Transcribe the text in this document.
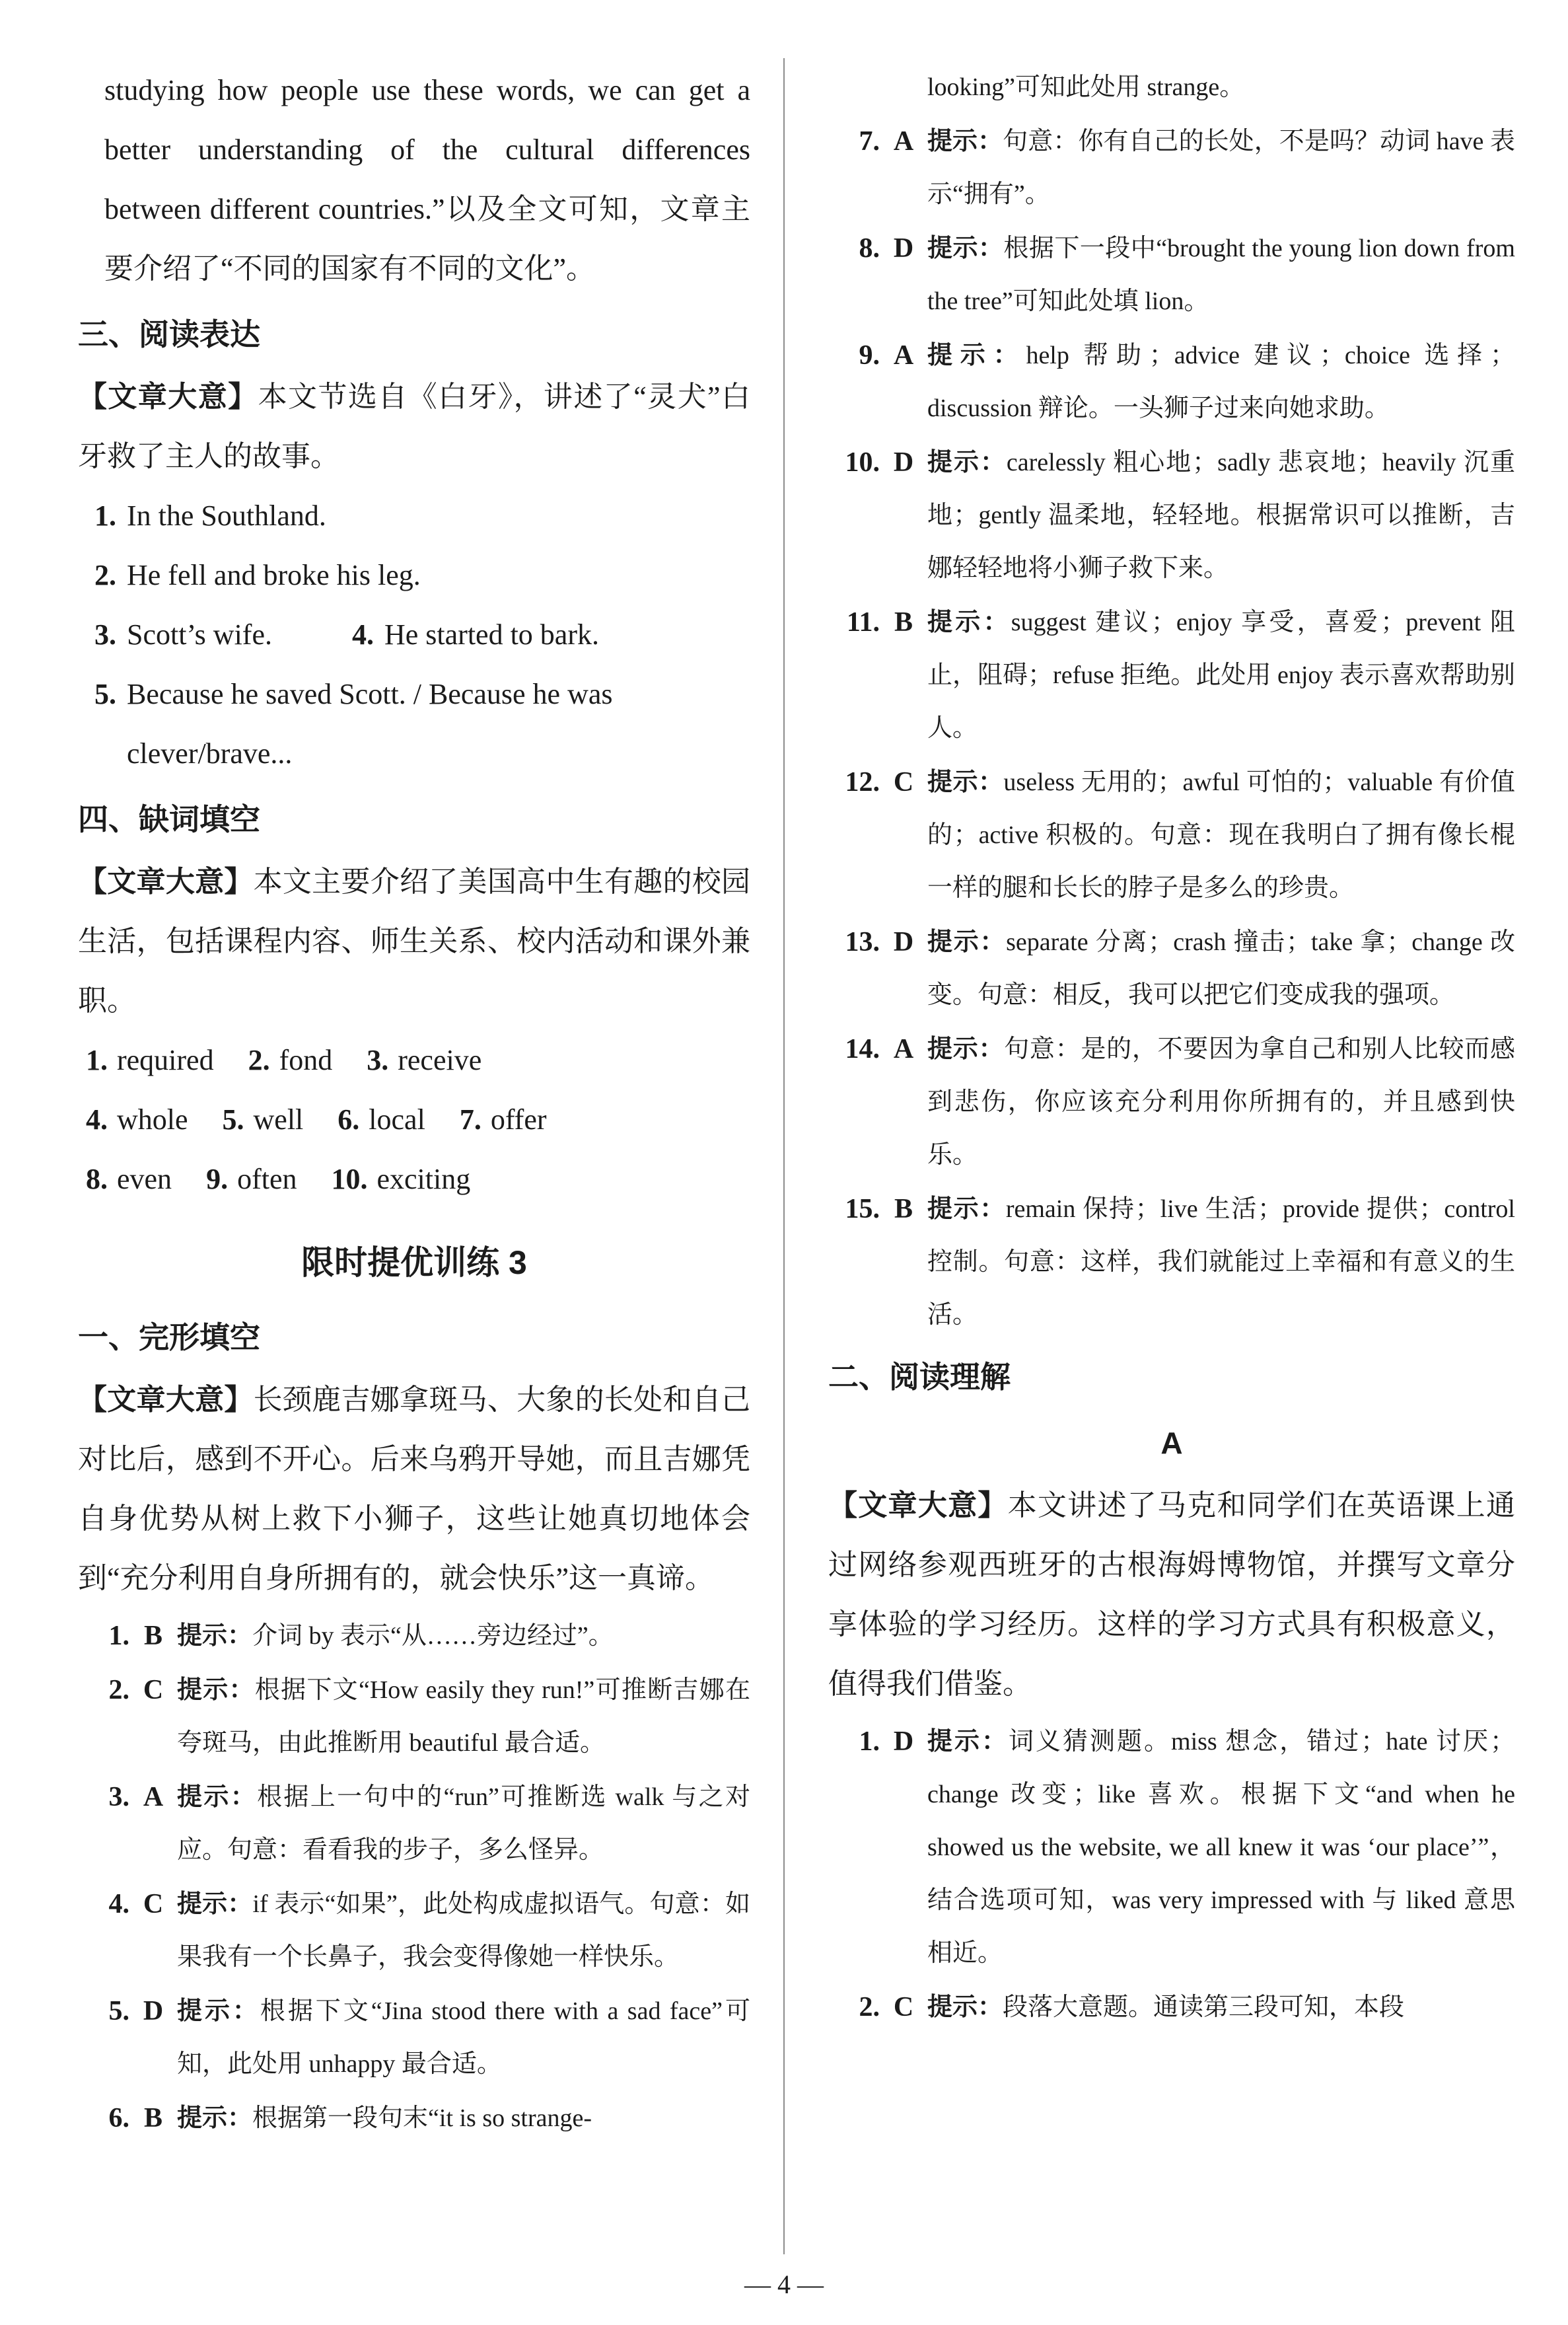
studying how people use these words, we can get a better understanding of the cultural differences between different countries.”以及全文可知，文章主要介绍了“不同的国家有不同的文化”。
三、阅读表达
【文章大意】本文节选自《白牙》，讲述了“灵犬”白牙救了主人的故事。
1. In the Southland.
2. He fell and broke his leg.
3. Scott’s wife.	4. He started to bark.
5. Because he saved Scott. / Because he was clever/brave...
四、缺词填空
【文章大意】本文主要介绍了美国高中生有趣的校园生活，包括课程内容、师生关系、校内活动和课外兼职。
1. required 2. fond 3. receive
4. whole 5. well 6. local 7. offer
8. even 9. often 10. exciting
限时提优训练 3
一、完形填空
【文章大意】长颈鹿吉娜拿斑马、大象的长处和自己对比后，感到不开心。后来乌鸦开导她，而且吉娜凭自身优势从树上救下小狮子，这些让她真切地体会到“充分利用自身所拥有的，就会快乐”这一真谛。
1. B 提示：介词 by 表示“从……旁边经过”。
2. C 提示：根据下文“How easily they run!”可推断吉娜在夸斑马，由此推断用 beautiful 最合适。
3. A 提示：根据上一句中的“run”可推断选 walk 与之对应。句意：看看我的步子，多么怪异。
4. C 提示：if 表示“如果”，此处构成虚拟语气。句意：如果我有一个长鼻子，我会变得像她一样快乐。
5. D 提示：根据下文“Jina stood there with a sad face”可知，此处用 unhappy 最合适。
6. B 提示：根据第一段句末“it is so strange-
looking”可知此处用 strange。
7. A 提示：句意：你有自己的长处，不是吗？动词 have 表示“拥有”。
8. D 提示：根据下一段中“brought the young lion down from the tree”可知此处填 lion。
9. A 提示：help 帮助；advice 建议；choice 选择；discussion 辩论。一头狮子过来向她求助。
10. D 提示：carelessly 粗心地；sadly 悲哀地；heavily 沉重地；gently 温柔地，轻轻地。根据常识可以推断，吉娜轻轻地将小狮子救下来。
11. B 提示：suggest 建议；enjoy 享受，喜爱；prevent 阻止，阻碍；refuse 拒绝。此处用 enjoy 表示喜欢帮助别人。
12. C 提示：useless 无用的；awful 可怕的；valuable 有价值的；active 积极的。句意：现在我明白了拥有像长棍一样的腿和长长的脖子是多么的珍贵。
13. D 提示：separate 分离；crash 撞击；take 拿；change 改变。句意：相反，我可以把它们变成我的强项。
14. A 提示：句意：是的，不要因为拿自己和别人比较而感到悲伤，你应该充分利用你所拥有的，并且感到快乐。
15. B 提示：remain 保持；live 生活；provide 提供；control 控制。句意：这样，我们就能过上幸福和有意义的生活。
二、阅读理解
A
【文章大意】本文讲述了马克和同学们在英语课上通过网络参观西班牙的古根海姆博物馆，并撰写文章分享体验的学习经历。这样的学习方式具有积极意义，值得我们借鉴。
1. D 提示：词义猜测题。miss 想念，错过；hate 讨厌；change 改变；like 喜欢。根据下文“and when he showed us the website, we all knew it was ‘our place’”，结合选项可知，was very impressed with 与 liked 意思相近。
2. C 提示：段落大意题。通读第三段可知，本段
— 4 —
